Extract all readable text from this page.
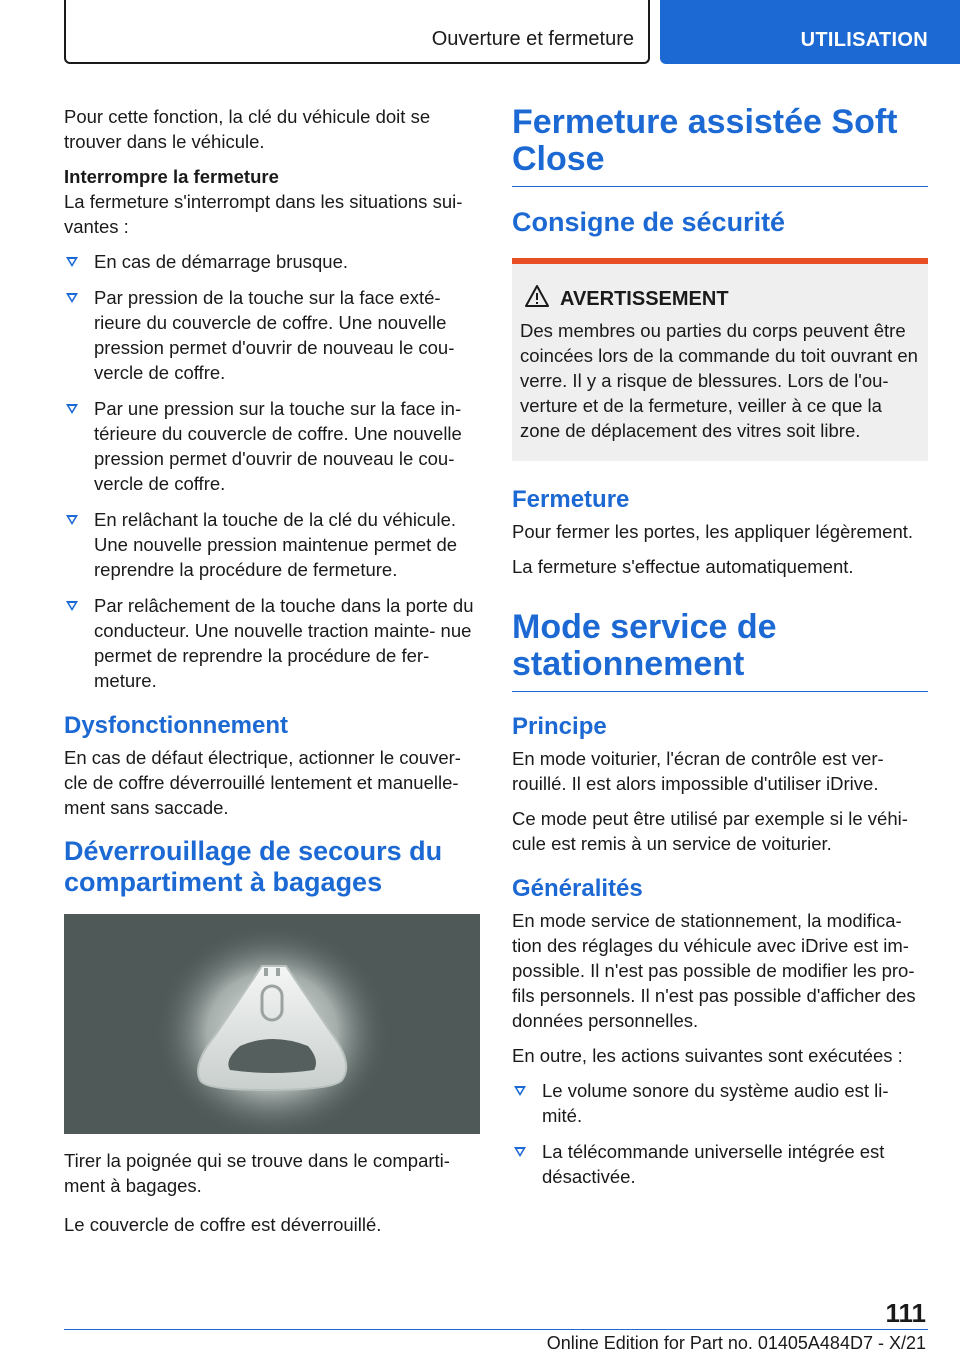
Ouverture et fermeture	UTILISATION

Pour cette fonction, la clé du véhicule doit se trouver dans le véhicule.

Interrompre la fermeture

La fermeture s'interrompt dans les situations sui- vantes :

En cas de démarrage brusque.
Par pression de la touche sur la face exté- rieure du couvercle de coffre. Une nouvelle pression permet d'ouvrir de nouveau le cou- vercle de coffre.
Par une pression sur la touche sur la face in- térieure du couvercle de coffre. Une nouvelle pression permet d'ouvrir de nouveau le cou- vercle de coffre.
En relâchant la touche de la clé du véhicule. Une nouvelle pression maintenue permet de reprendre la procédure de fermeture.
Par relâchement de la touche dans la porte du conducteur. Une nouvelle traction mainte- nue permet de reprendre la procédure de fer- meture.
Dysfonctionnement

En cas de défaut électrique, actionner le couver- cle de coffre déverrouillé lentement et manuelle- ment sans saccade.

Déverrouillage de secours du compartiment à bagages

Tirer la poignée qui se trouve dans le comparti- ment à bagages.

Le couvercle de coffre est déverrouillé.

Fermeture assistée Soft Close
Consigne de sécurité
AVERTISSEMENT

Des membres ou parties du corps peuvent être coincées lors de la commande du toit ouvrant en verre. Il y a risque de blessures. Lors de l'ou- verture et de la fermeture, veiller à ce que la zone de déplacement des vitres soit libre.

Fermeture

Pour fermer les portes, les appliquer légèrement.

La fermeture s'effectue automatiquement.

Mode service de stationnement
Principe

En mode voiturier, l'écran de contrôle est ver- rouillé. Il est alors impossible d'utiliser iDrive.

Ce mode peut être utilisé par exemple si le véhi- cule est remis à un service de voiturier.

Généralités

En mode service de stationnement, la modifica- tion des réglages du véhicule avec iDrive est im- possible. Il n'est pas possible de modifier les pro- fils personnels. Il n'est pas possible d'afficher des données personnelles.

En outre, les actions suivantes sont exécutées :

Le volume sonore du système audio est li- mité.
La télécommande universelle intégrée est désactivée.
111
Online Edition for Part no. 01405A484D7 - X/21
